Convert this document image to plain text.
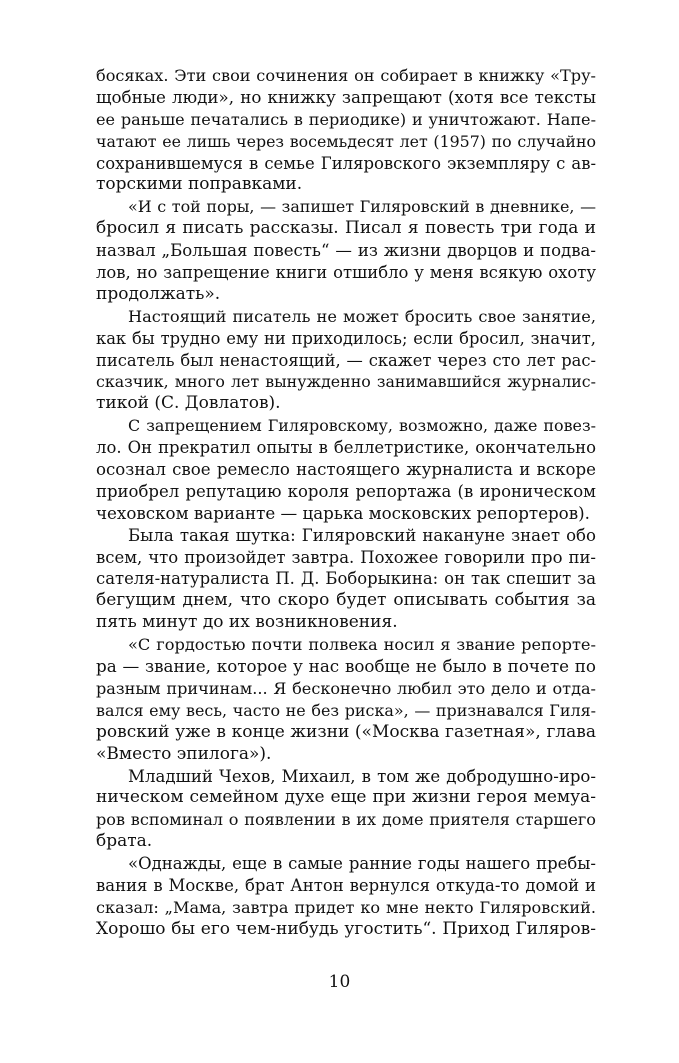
босяках. Эти свои сочинения он собирает в книжку «Тру-
щобные люди», но книжку запрещают (хотя все тексты
ее раньше печатались в периодике) и уничтожают. Напе-
чатают ее лишь через восемьдесят лет (1957) по случайно
сохранившемуся в семье Гиляровского экземпляру с ав-
торскими поправками.
«И с той поры, — запишет Гиляровский в дневнике, —
бросил я писать рассказы. Писал я повесть три года и
назвал „Большая повесть“ — из жизни дворцов и подва-
лов, но запрещение книги отшибло у меня всякую охоту
продолжать».
Настоящий писатель не может бросить свое занятие,
как бы трудно ему ни приходилось; если бросил, значит,
писатель был ненастоящий, — скажет через сто лет рас-
сказчик, много лет вынужденно занимавшийся журналис-
тикой (С. Довлатов).
С запрещением Гиляровскому, возможно, даже повез-
ло. Он прекратил опыты в беллетристике, окончательно
осознал свое ремесло настоящего журналиста и вскоре
приобрел репутацию короля репортажа (в ироническом
чеховском варианте — царька московских репортеров).
Была такая шутка: Гиляровский накануне знает обо
всем, что произойдет завтра. Похожее говорили про пи-
сателя-натуралиста П. Д. Боборыкина: он так спешит за
бегущим днем, что скоро будет описывать события за
пять минут до их возникновения.
«С гордостью почти полвека носил я звание репорте-
ра — звание, которое у нас вообще не было в почете по
разным причинам... Я бесконечно любил это дело и отда-
вался ему весь, часто не без риска», — признавался Гиля-
ровский уже в конце жизни («Москва газетная», глава
«Вместо эпилога»).
Младший Чехов, Михаил, в том же добродушно-иро-
ническом семейном духе еще при жизни героя мемуа-
ров вспоминал о появлении в их доме приятеля старшего
брата.
«Однажды, еще в самые ранние годы нашего пребы-
вания в Москве, брат Антон вернулся откуда-то домой и
сказал: „Мама, завтра придет ко мне некто Гиляровский.
Хорошо бы его чем-нибудь угостить“. Приход Гиляров-
10
